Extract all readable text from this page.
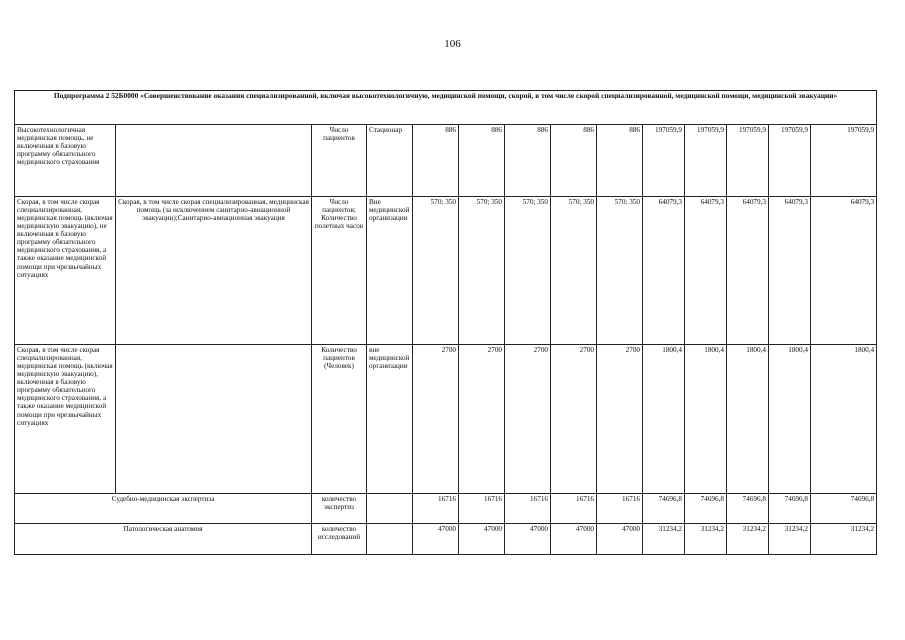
106
Подпрограмма 2 52Б0000 «Совершенствование оказания специализированной, включая высокотехнологичную, медицинской помощи, скорой, в том числе скорой специализированной, медицинской помощи, медицинской эвакуации»													
Высокотехнологичная медицинская помощь, не включенная в базовую программу обязательного медицинского страхования		Число пациентов	Стационар	886	886	886	886	886	197059,9	197059,9	197059,9	197059,9	197059,9
Скорая, в том числе скорая специализированная, медицинская помощь (включая медицинскую эвакуацию), не включенная в базовую программу обязательного медицинского страхования, а также оказание медицинской помощи при чрезвычайных ситуациях	Скорая, в том числе скорая специализированная, медицинская помощь (за исключением санитарно-авиационной эвакуации);Санитарно-авиационная эвакуация	Число пациентов; Количество полетных часов	Вне медицинской организации	570; 350	570; 350	570; 350	570; 350	570; 350	64079,3	64079,3	64079,3	64079,3	64079,3
Скорая, в том числе скорая специализированная, медицинская помощь (включая медицинскую эвакуацию), включенная в базовую программу обязательного медицинского страхования, а также оказание медицинской помощи при чрезвычайных ситуациях		Количество пациентов (Человек)	вне медицинской организации	2700	2700	2700	2700	2700	1800,4	1800,4	1800,4	1800,4	1800,4
Судебно-медицинская экспертиза		количество экспертиз		16716	16716	16716	16716	16716	74696,8	74696,8	74696,8	74696,8	74696,8
Патологическая анатомия		количество исследований		47000	47000	47000	47000	47000	31234,2	31234,2	31234,2	31234,2	31234,2
